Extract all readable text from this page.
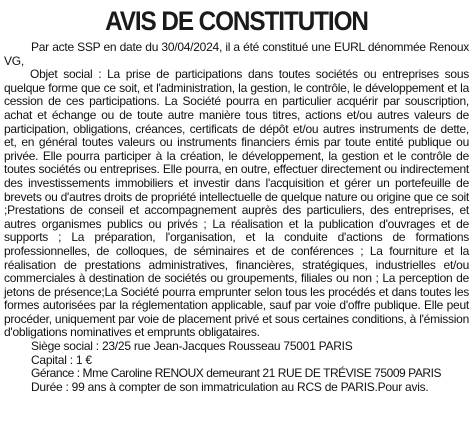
AVIS DE CONSTITUTION

Par acte SSP en date du 30/04/2024, il a été constitué une EURL dénommée Renoux VG,

Objet social : La prise de participations dans toutes sociétés ou entreprises sous quelque forme que ce soit, et l'administration, la gestion, le contrôle, le développement et la cession de ces participations. La Société pourra en particulier acquérir par souscription, achat et échange ou de toute autre manière tous titres, actions et/ou autres valeurs de participation, obligations, créances, certificats de dépôt et/ou autres instruments de dette, et, en général toutes valeurs ou instruments financiers émis par toute entité publique ou privée. Elle pourra participer à la création, le développement, la gestion et le contrôle de toutes sociétés ou entreprises. Elle pourra, en outre, effectuer directement ou indirectement des investissements immobiliers et investir dans l'acquisition et gérer un portefeuille de brevets ou d'autres droits de propriété intellectuelle de quelque nature ou origine que ce soit ;Prestations de conseil et accompagnement auprès des particuliers, des entreprises, et autres organismes publics ou privés ; La réalisation et la publication d'ouvrages et de supports ; La préparation, l'organisation, et la conduite d'actions de formations professionnelles, de colloques, de séminaires et de conférences ; La fourniture et la réalisation de prestations administratives, financières, stratégiques, industrielles et/ou commerciales à destination de sociétés ou groupements, filiales ou non ; La perception de jetons de présence;La Société pourra emprunter selon tous les procédés et dans toutes les formes autorisées par la réglementation applicable, sauf par voie d'offre publique. Elle peut procéder, uniquement par voie de placement privé et sous certaines conditions, à l'émission d'obligations nominatives et emprunts obligataires.

Siège social : 23/25 rue Jean-Jacques Rousseau 75001 PARIS

Capital : 1 €

Gérance : Mme Caroline RENOUX demeurant 21 RUE DE TRÉVISE 75009 PARIS

Durée : 99 ans à compter de son immatriculation au RCS de PARIS.Pour avis.
